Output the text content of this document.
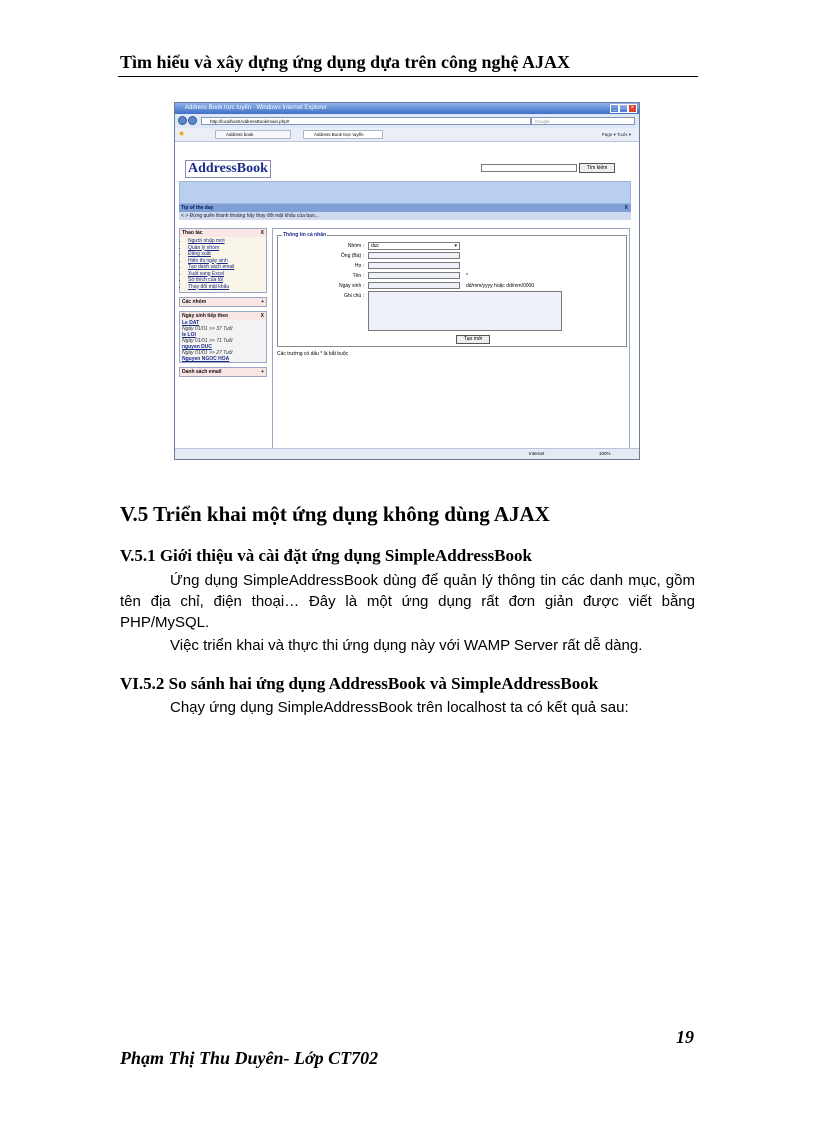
Tìm hiểu và xây dựng ứng dụng dựa trên công nghệ AJAX
Address Book trực tuyến - Windows Internet Explorer	_ □ ×
http://localhost/AddressBook/main.php#	Google
★	Address book	Address Book trực tuyến	Page ▾ Tools ▾
AddressBook	Tìm kiếm
Tip of the day	X
< > Đừng quên thành thoảng hãy thay đổi mật khẩu của bạn...
Thao tác	X
• Người nhập mới
• Quản lý nhóm
• Đăng xuất
• Hiển thị ngày sinh
• Tạo danh sách email
• Xuất sang Excel
• Sở thích của tôi
• Thay đổi mật khẩu
Các nhóm	+
Ngày sinh tiếp theo	X
Le DAT
Ngày 01/01 >> 37 Tuổi
le LOI
Ngày 01/01 >> 71 Tuổi
nguyen DUC
Ngày 01/01 >> 27 Tuổi
Nguyen NGOC HOA
Danh sách email	+
Thông tin cá nhân
Nhóm :	duc	▾
Ông (Bà) :
Họ :
Tên :	*
Ngày sinh :	dd/mm/yyyy hoặc dd/mm/0000
Ghi chú :
Tạo mới
Các trường có dấu * là bắt buộc
Internet	100%
V.5 Triển khai một ứng dụng không dùng AJAX
V.5.1 Giới thiệu và cài đặt ứng dụng SimpleAddressBook
Ứng dụng SimpleAddressBook dùng để quản lý thông tin các danh mục, gồm tên địa chỉ, điện thoại… Đây là một ứng dụng rất đơn giản được viết bằng PHP/MySQL.
Việc triển khai và thực thi ứng dụng này với WAMP Server rất dễ dàng.
VI.5.2 So sánh hai ứng dụng AddressBook và SimpleAddressBook
Chạy ứng dụng SimpleAddressBook trên localhost ta có kết quả sau:
19
Phạm Thị Thu Duyên- Lớp CT702
